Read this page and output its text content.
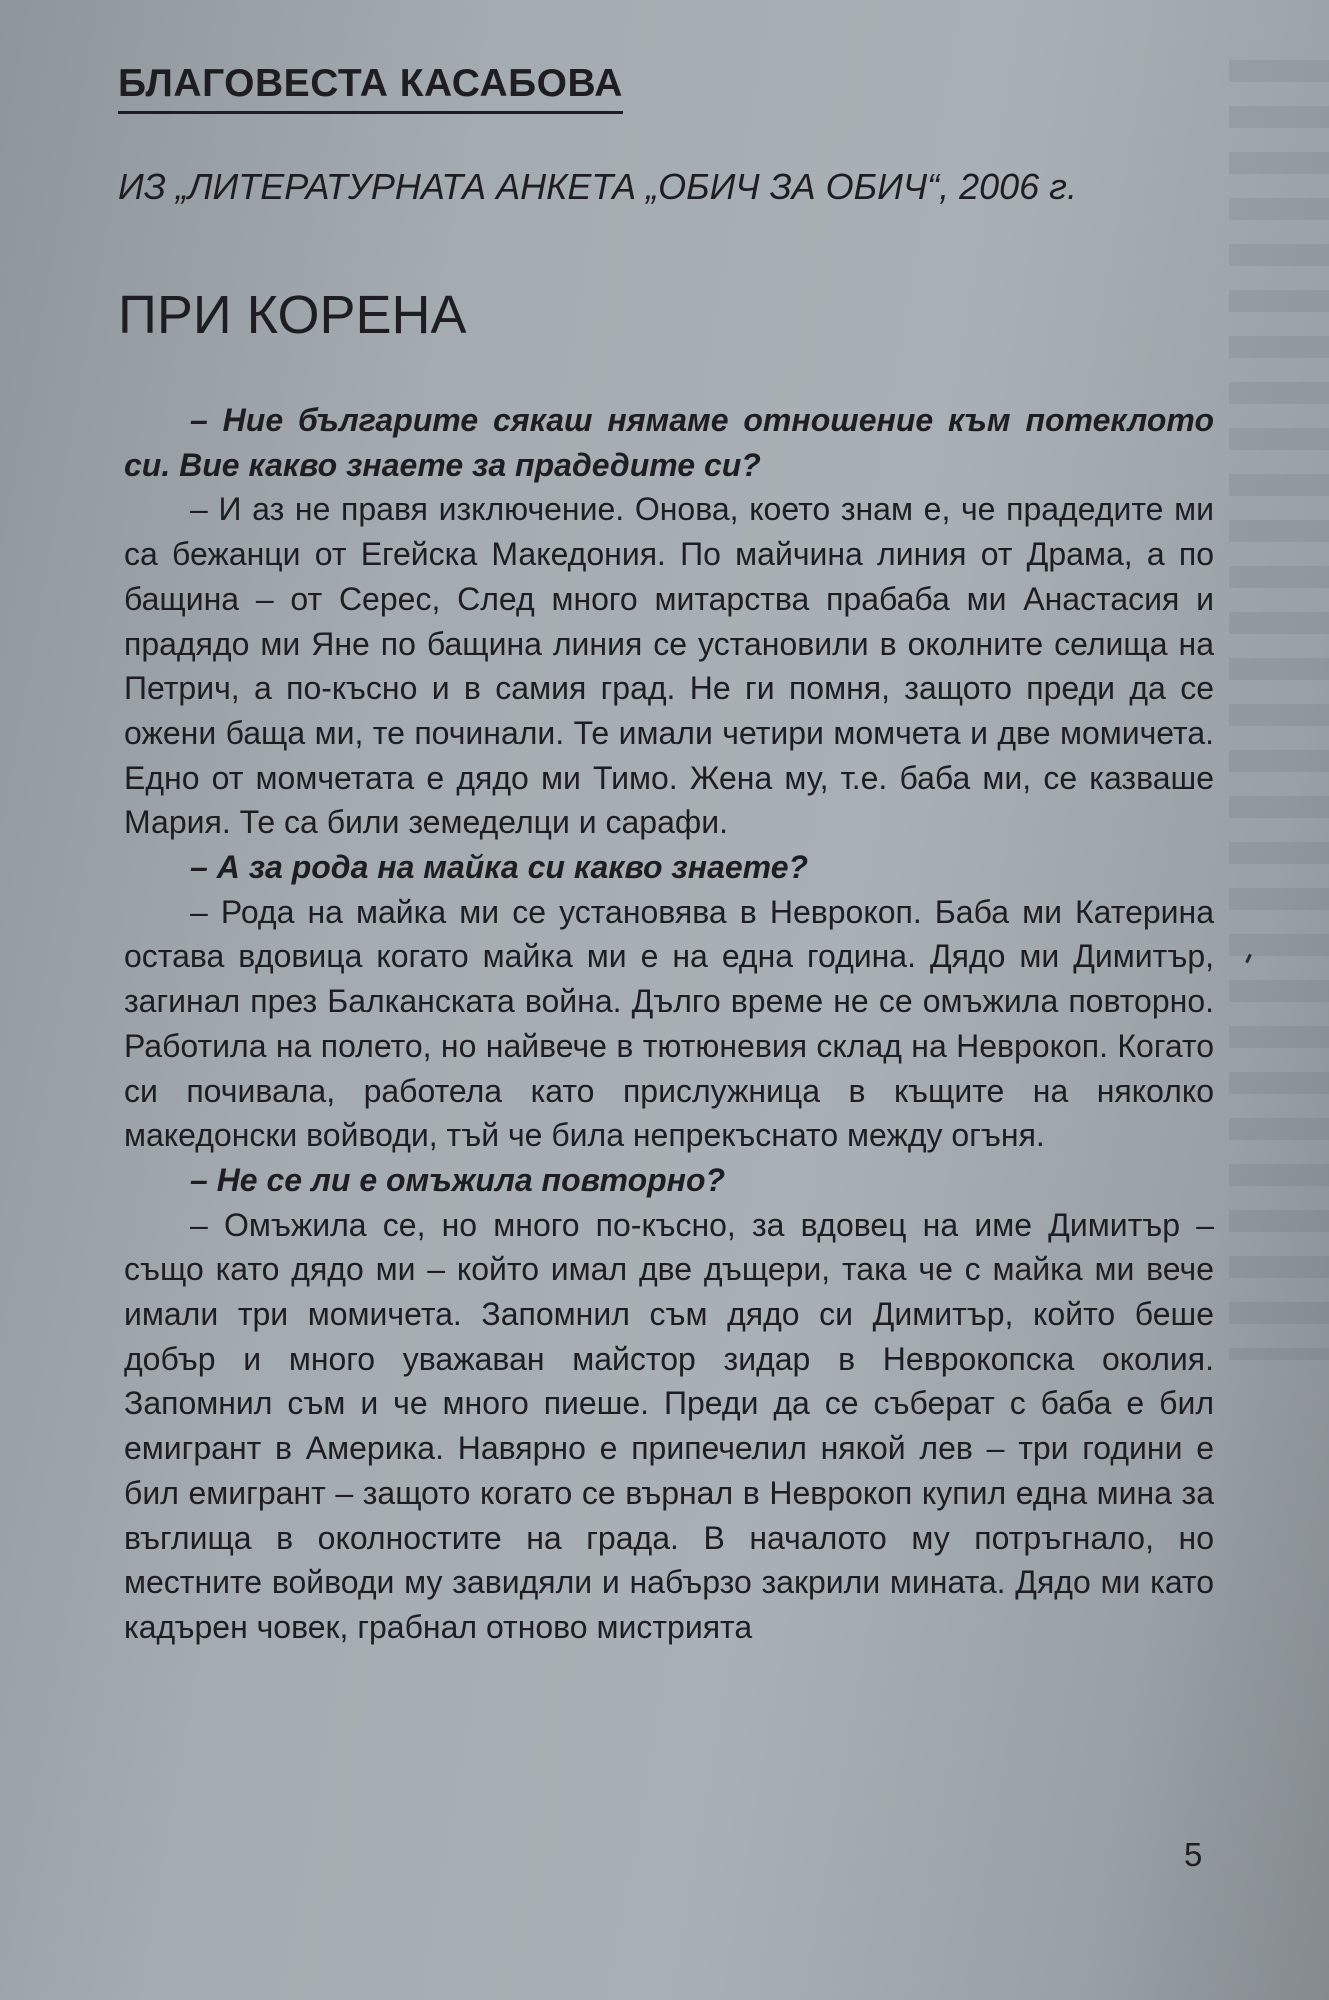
БЛАГОВЕСТА КАСАБОВА
ИЗ „ЛИТЕРАТУРНАТА АНКЕТА „ОБИЧ ЗА ОБИЧ“, 2006 г.
ПРИ КОРЕНА

– Ние българите сякаш нямаме отношение към потеклото си. Вие какво знаете за прадедите си?

– И аз не правя изключение. Онова, което знам е, че прадедите ми са бежанци от Егейска Македония. По майчина линия от Драма, а по бащина – от Серес, След много митарства прабаба ми Анастасия и прадядо ми Яне по бащина линия се установили в околните селища на Петрич, а по-късно и в самия град. Не ги помня, защото преди да се ожени баща ми, те починали. Те имали четири момчета и две момичета. Едно от момчетата е дядо ми Тимо. Жена му, т.е. баба ми, се казваше Мария. Те са били земеделци и сарафи.

– А за рода на майка си какво знаете?

– Рода на майка ми се установява в Неврокоп. Баба ми Катерина остава вдовица когато майка ми е на една година. Дядо ми Димитър, загинал през Балканската война. Дълго време не се омъжила повторно. Работила на полето, но найвече в тютюневия склад на Неврокоп. Когато си почивала, работела като прислужница в къщите на няколко македонски войводи, тъй че била непрекъснато между огъня.

– Не се ли е омъжила повторно?

– Омъжила се, но много по-късно, за вдовец на име Димитър – също като дядо ми – който имал две дъщери, така че с майка ми вече имали три момичета. Запомнил съм дядо си Димитър, който беше добър и много уважаван майстор зидар в Неврокопска околия. Запомнил съм и че много пиеше. Преди да се съберат с баба е бил емигрант в Америка. Навярно е припечелил някой лев – три години е бил емигрант – защото когато се върнал в Неврокоп купил една мина за въглища в околностите на града. В началото му потръгнало, но местните войводи му завидяли и набързо закрили мината. Дядо ми като кадърен човек, грабнал отново мистрията

5
